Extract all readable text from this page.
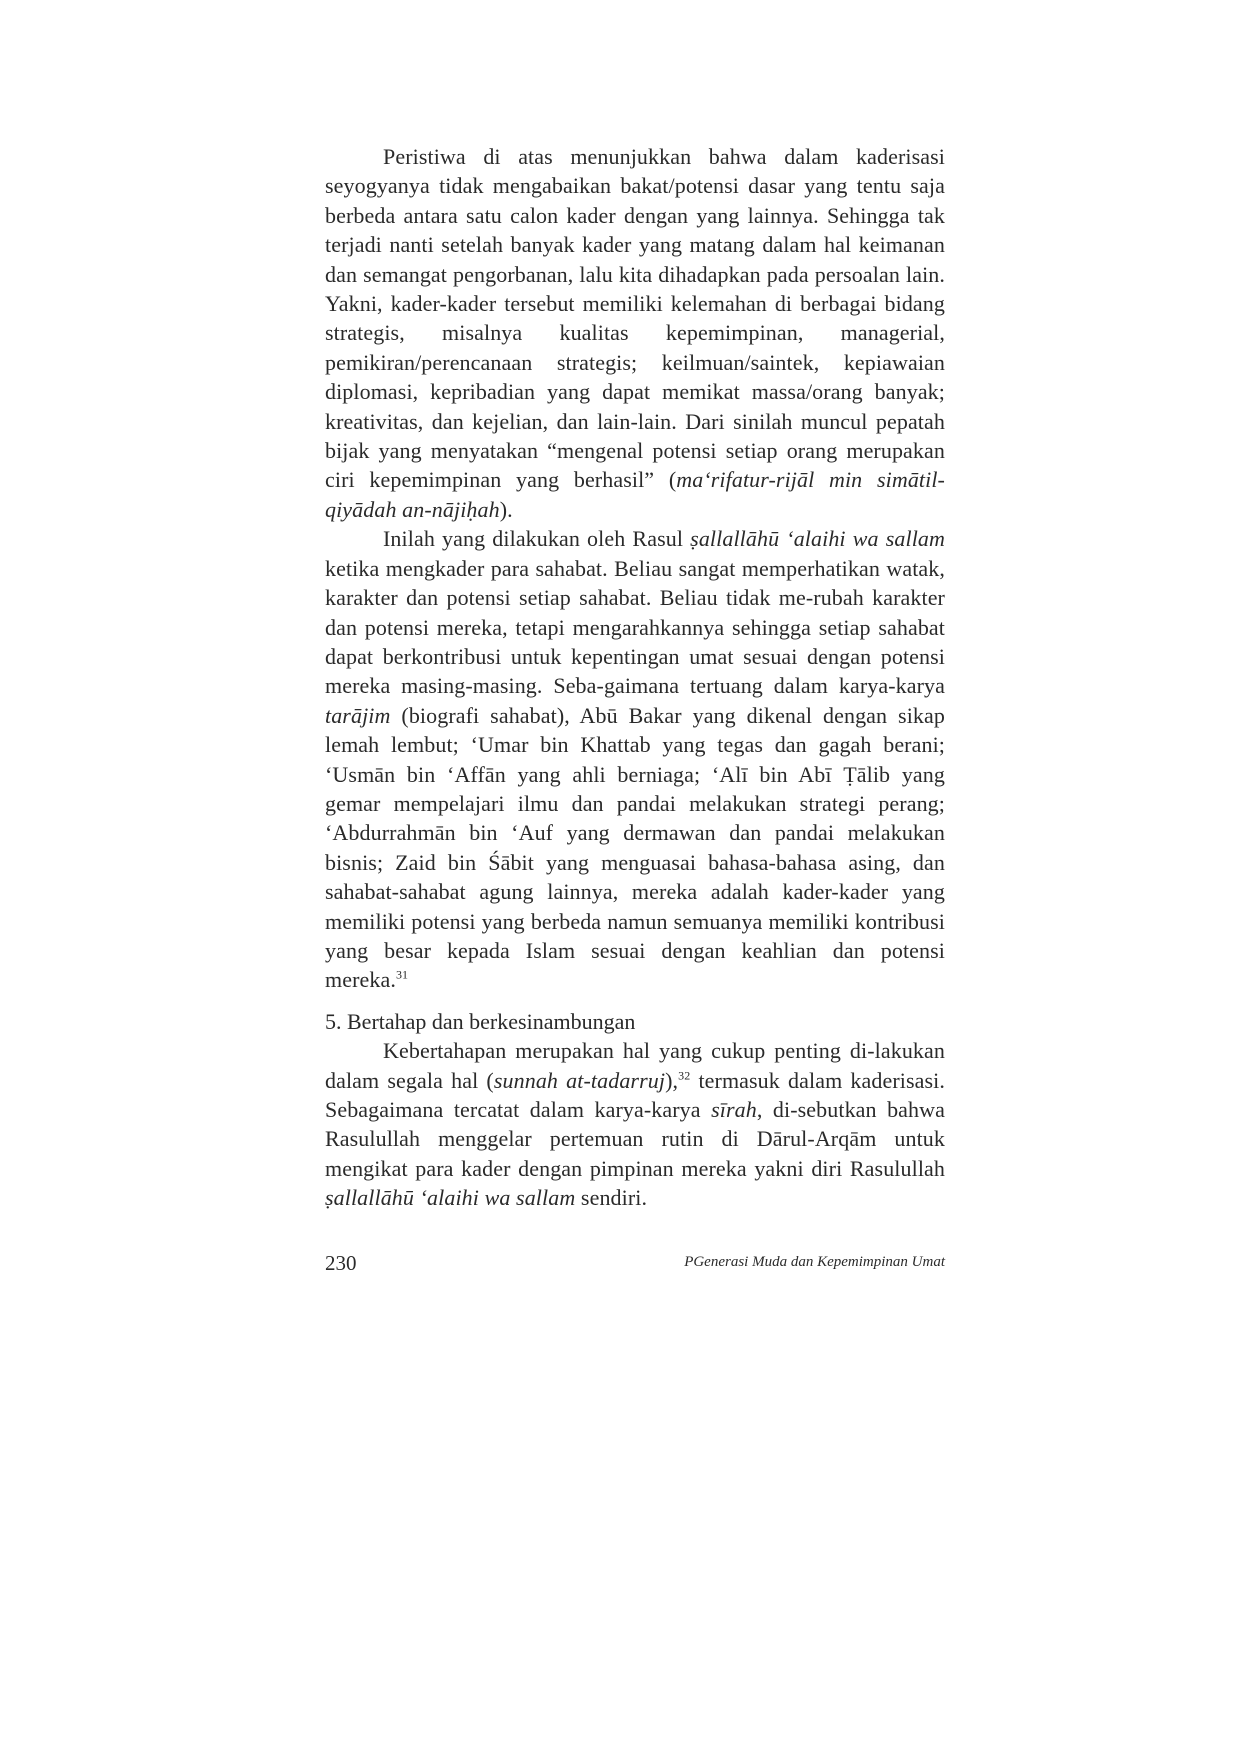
Peristiwa di atas menunjukkan bahwa dalam kaderisasi seyogyanya tidak mengabaikan bakat/potensi dasar yang tentu saja berbeda antara satu calon kader dengan yang lainnya. Sehingga tak terjadi nanti setelah banyak kader yang matang dalam hal keimanan dan semangat pengorbanan, lalu kita dihadapkan pada persoalan lain. Yakni, kader-kader tersebut memiliki kelemahan di berbagai bidang strategis, misalnya kualitas kepemimpinan, managerial, pemikiran/perencanaan strategis; keilmuan/saintek, kepiawaian diplomasi, kepribadian yang dapat memikat massa/orang banyak; kreativitas, dan kejelian, dan lain-lain. Dari sinilah muncul pepatah bijak yang menyatakan “mengenal potensi setiap orang merupakan ciri kepemimpinan yang berhasil” (ma‘rifatur-rijāl min simātil-qiyādah an-nājiḥah).

Inilah yang dilakukan oleh Rasul ṣallallāhū ‘alaihi wa sallam ketika mengkader para sahabat. Beliau sangat memperhatikan watak, karakter dan potensi setiap sahabat. Beliau tidak me-rubah karakter dan potensi mereka, tetapi mengarahkannya sehingga setiap sahabat dapat berkontribusi untuk kepentingan umat sesuai dengan potensi mereka masing-masing. Seba-gaimana tertuang dalam karya-karya tarājim (biografi sahabat), Abū Bakar yang dikenal dengan sikap lemah lembut; ‘Umar bin Khattab yang tegas dan gagah berani; ‘Usmān bin ‘Affān yang ahli berniaga; ‘Alī bin Abī Ṭālib yang gemar mempelajari ilmu dan pandai melakukan strategi perang; ‘Abdurrahmān bin ‘Auf yang dermawan dan pandai melakukan bisnis; Zaid bin Śābit yang menguasai bahasa-bahasa asing, dan sahabat-sahabat agung lainnya, mereka adalah kader-kader yang memiliki potensi yang berbeda namun semuanya memiliki kontribusi yang besar kepada Islam sesuai dengan keahlian dan potensi mereka.$^{31}$

5. Bertahap dan berkesinambungan

Kebertahapan merupakan hal yang cukup penting di-lakukan dalam segala hal (sunnah at-tadarruj),$^{32}$ termasuk dalam kaderisasi. Sebagaimana tercatat dalam karya-karya sīrah, di-sebutkan bahwa Rasulullah menggelar pertemuan rutin di Dārul-Arqām untuk mengikat para kader dengan pimpinan mereka yakni diri Rasulullah ṣallallāhū ‘alaihi wa sallam sendiri.

230	PGenerasi Muda dan Kepemimpinan Umat
